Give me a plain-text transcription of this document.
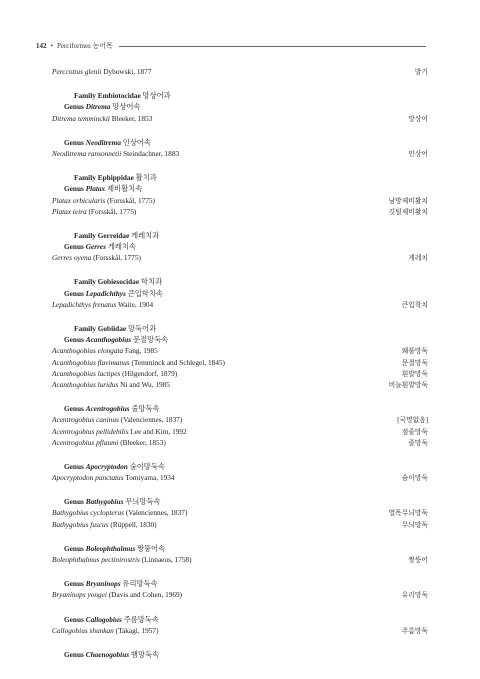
142 • Perciformes 농어목
Perccottus glenii Dybowski, 1877	발기
Family Embiotocidae 망상어과
Genus Ditrema 망상어속
Ditrema temminckii Bleeker, 1853	망상어
Genus Neoditrema 인상어속
Neoditrema ransonnetii Steindachner, 1883	인상어
Family Ephippidae 활치과
Genus Platax 제비활치속
Platax orbicularis (Forsskål, 1775)	남방제비활치
Platax teira (Forsskål, 1775)	깃털제비활치
Family Gerreidae 게레치과
Genus Gerres 게레치속
Gerres oyena (Forsskål, 1775)	게레치
Family Gobiesocidae 학치과
Genus Lepadichthys 큰입학치속
Lepadichthys frenatus Waite, 1904	큰입학치
Family Gobiidae 망둑어과
Genus Acanthogobius 문절망둑속
Acanthogobius elongata Fang, 1985	왜풀망둑
Acanthogobius flavimanus (Temminck and Schlegel, 1845)	문절망둑
Acanthogobius lactipes (Hilgendorf, 1879)	흰발망둑
Acanthogobius luridus Ni and Wu, 1985	비늘흰발망둑
Genus Acentrogobius 줄망둑속
Acentrogobius caninus (Valenciennes, 1837)	[국명없음]
Acentrogobius pellidebilis Lee and Kim, 1992	점줄망둑
Acentrogobius pflaumi (Bleeker, 1853)	줄망둑
Genus Apocryptodon 숨이망둑속
Apocryptodon punctatus Tomiyama, 1934	숨이망둑
Genus Bathygobius 무늬망둑속
Bathygobius cyclopterus (Valenciennes, 1837)	열목무늬망둑
Bathygobius fuscus (Rüppell, 1830)	무늬망둑
Genus Boleophthalmus 짱뚱어속
Boleophthalmus pectinirostris (Linnaeus, 1758)	짱뚱어
Genus Bryaninops 유리망둑속
Bryaninops yongei (Davis and Cohen, 1969)	유리망둑
Genus Callogobius 주름망둑속
Callogobius shunkan (Takagi, 1957)	주름망둑
Genus Chaenogobius 뱀망둑속
